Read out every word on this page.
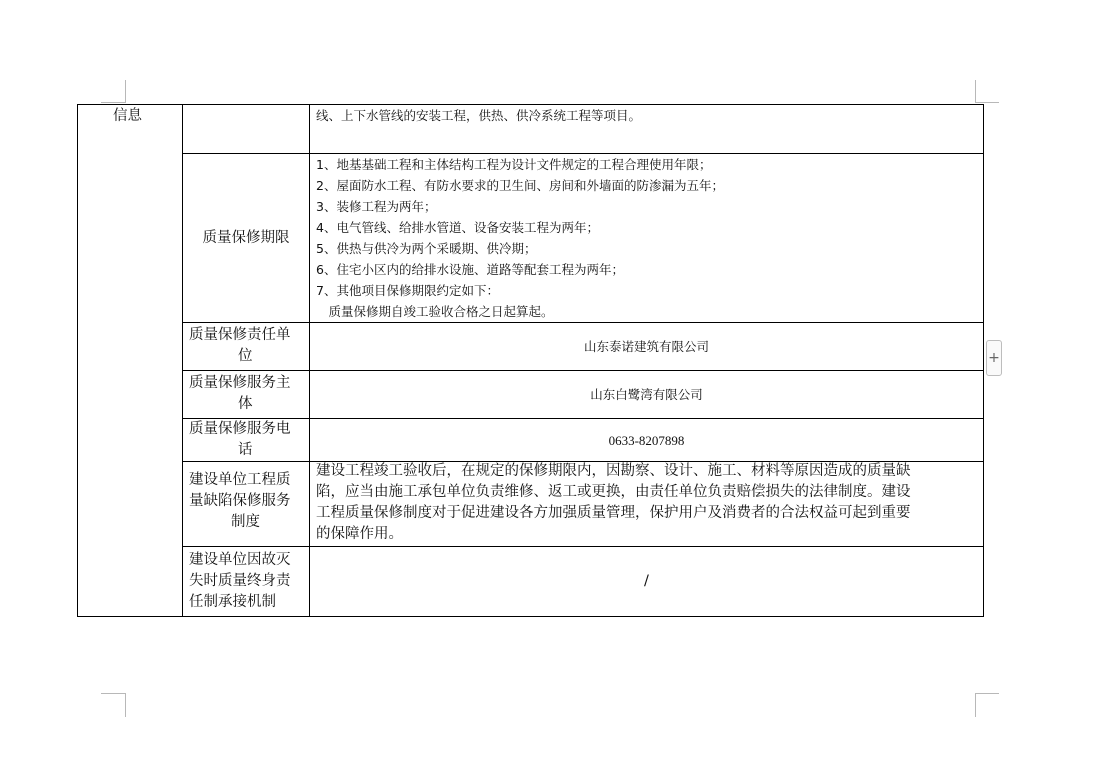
信息	线、上下水管线的安装工程，供热、供冷系统工程等项目。
质量保修期限
1、地基基础工程和主体结构工程为设计文件规定的工程合理使用年限；
2、屋面防水工程、有防水要求的卫生间、房间和外墙面的防渗漏为五年；
3、装修工程为两年；
4、电气管线、给排水管道、设备安装工程为两年；
5、供热与供冷为两个采暖期、供冷期；
6、住宅小区内的给排水设施、道路等配套工程为两年；
7、其他项目保修期限约定如下：
　质量保修期自竣工验收合格之日起算起。
质量保修责任单
位
山东泰诺建筑有限公司
质量保修服务主
体
山东白鹭湾有限公司
质量保修服务电
话
0633-8207898
建设单位工程质
量缺陷保修服务
制度
建设工程竣工验收后，在规定的保修期限内，因勘察、设计、施工、材料等原因造成的质量缺
陷，应当由施工承包单位负责维修、返工或更换，由责任单位负责赔偿损失的法律制度。建设
工程质量保修制度对于促进建设各方加强质量管理，保护用户及消费者的合法权益可起到重要
的保障作用。
建设单位因故灭
失时质量终身责
任制承接机制
/
+
